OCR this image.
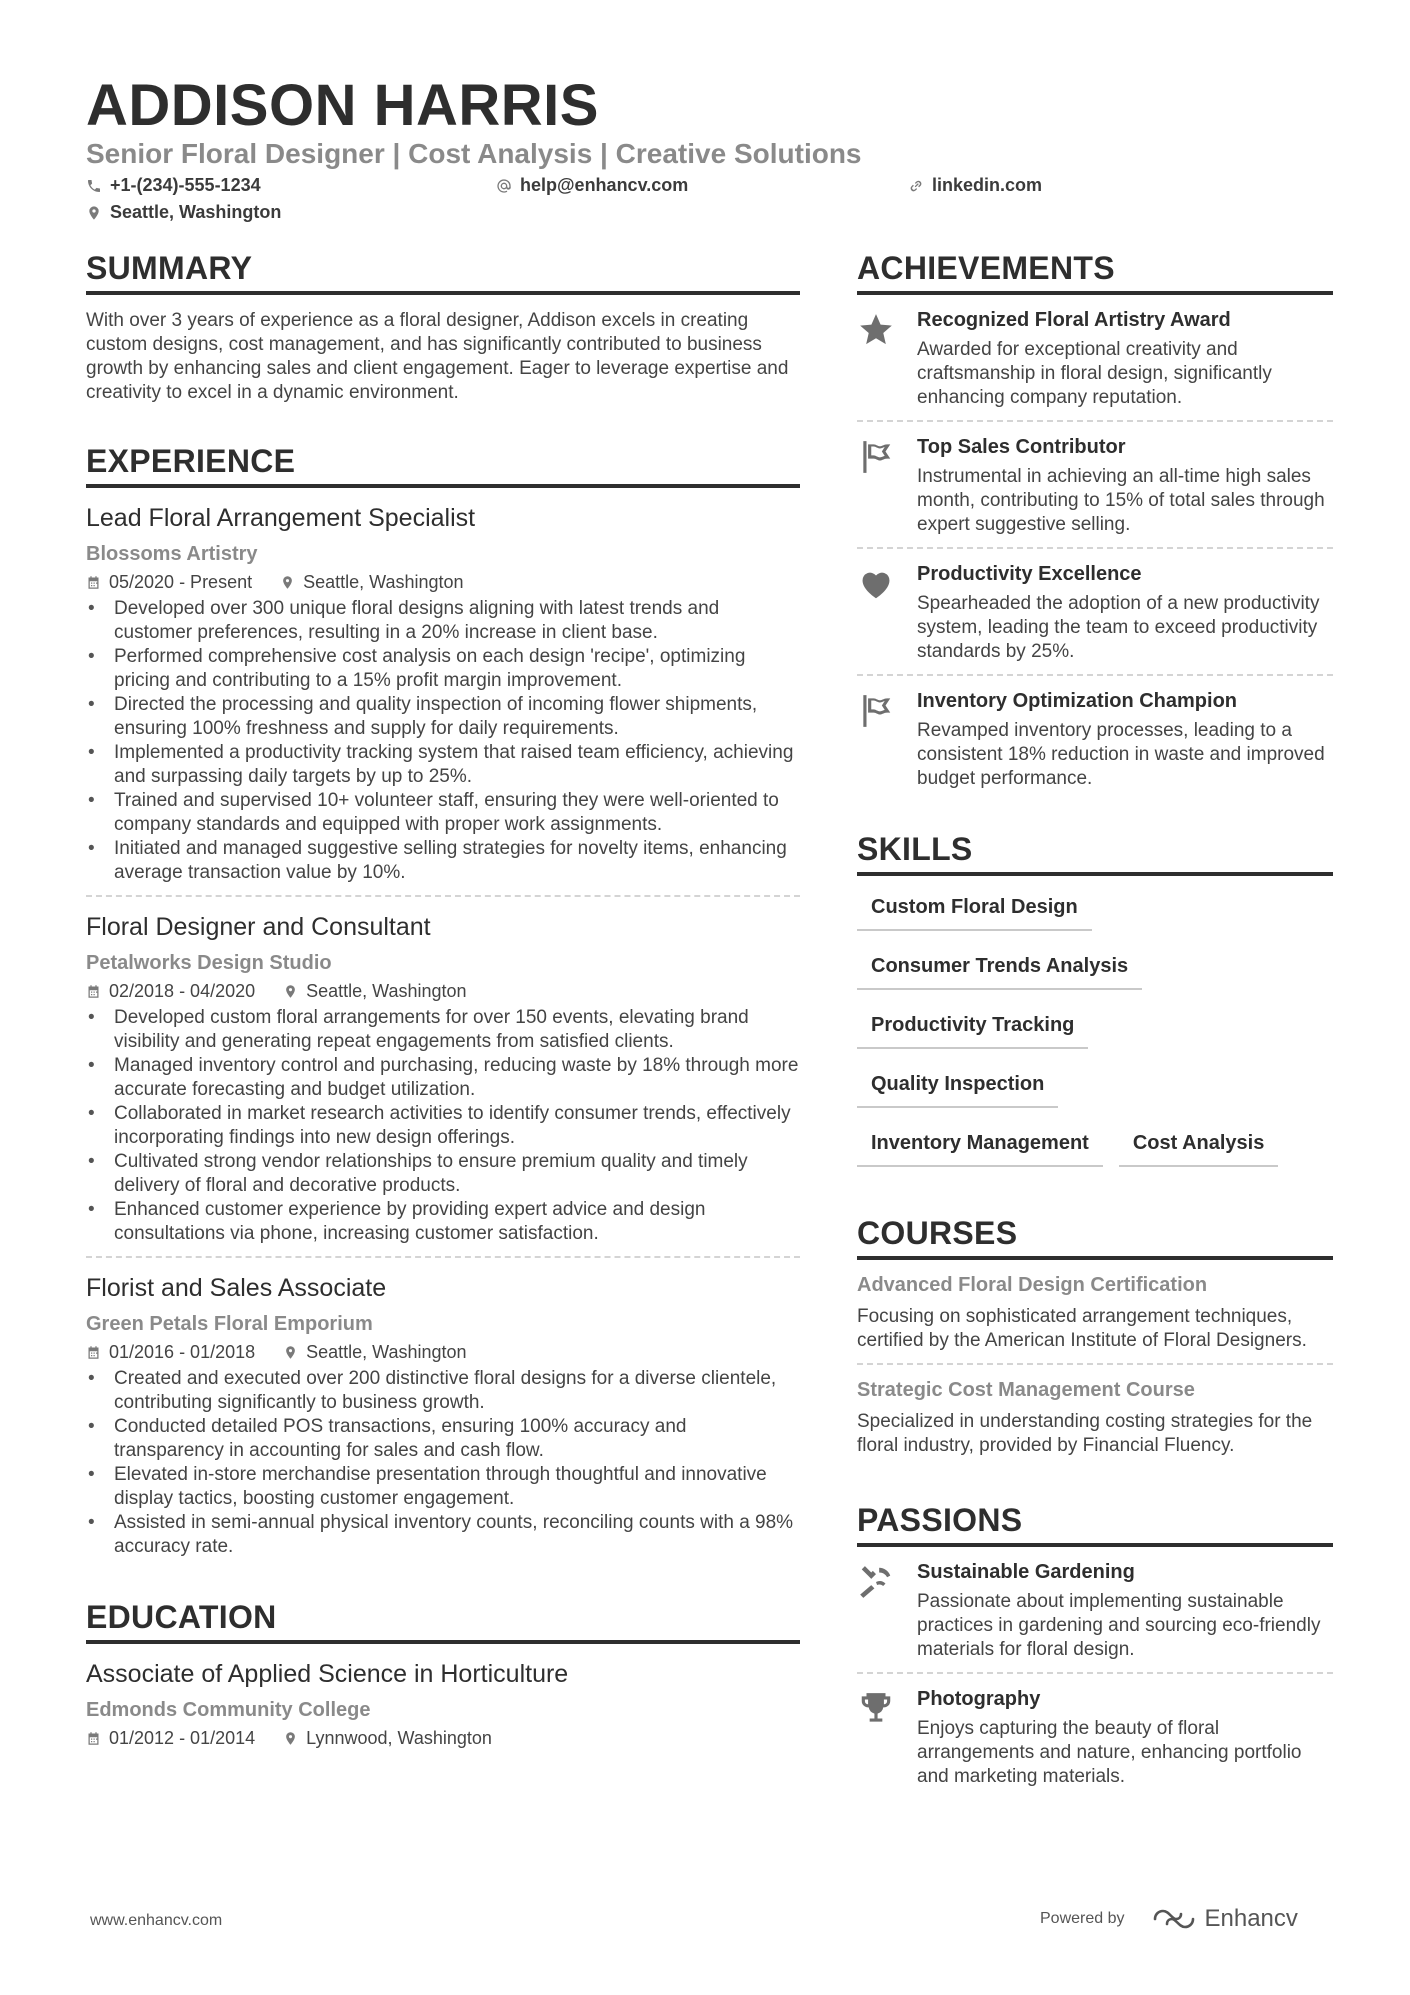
ADDISON HARRIS
Senior Floral Designer | Cost Analysis | Creative Solutions
+1-(234)-555-1234	help@enhancv.com	linkedin.com
Seattle, Washington
SUMMARY
With over 3 years of experience as a floral designer, Addison excels in creating custom designs, cost management, and has significantly contributed to business growth by enhancing sales and client engagement. Eager to leverage expertise and creativity to excel in a dynamic environment.
EXPERIENCE
Lead Floral Arrangement Specialist
Blossoms Artistry
05/2020 - Present	Seattle, Washington
• Developed over 300 unique floral designs aligning with latest trends and customer preferences, resulting in a 20% increase in client base.
• Performed comprehensive cost analysis on each design 'recipe', optimizing pricing and contributing to a 15% profit margin improvement.
• Directed the processing and quality inspection of incoming flower shipments, ensuring 100% freshness and supply for daily requirements.
• Implemented a productivity tracking system that raised team efficiency, achieving and surpassing daily targets by up to 25%.
• Trained and supervised 10+ volunteer staff, ensuring they were well-oriented to company standards and equipped with proper work assignments.
• Initiated and managed suggestive selling strategies for novelty items, enhancing average transaction value by 10%.
Floral Designer and Consultant
Petalworks Design Studio
02/2018 - 04/2020	Seattle, Washington
• Developed custom floral arrangements for over 150 events, elevating brand visibility and generating repeat engagements from satisfied clients.
• Managed inventory control and purchasing, reducing waste by 18% through more accurate forecasting and budget utilization.
• Collaborated in market research activities to identify consumer trends, effectively incorporating findings into new design offerings.
• Cultivated strong vendor relationships to ensure premium quality and timely delivery of floral and decorative products.
• Enhanced customer experience by providing expert advice and design consultations via phone, increasing customer satisfaction.
Florist and Sales Associate
Green Petals Floral Emporium
01/2016 - 01/2018	Seattle, Washington
• Created and executed over 200 distinctive floral designs for a diverse clientele, contributing significantly to business growth.
• Conducted detailed POS transactions, ensuring 100% accuracy and transparency in accounting for sales and cash flow.
• Elevated in-store merchandise presentation through thoughtful and innovative display tactics, boosting customer engagement.
• Assisted in semi-annual physical inventory counts, reconciling counts with a 98% accuracy rate.
EDUCATION
Associate of Applied Science in Horticulture
Edmonds Community College
01/2012 - 01/2014	Lynnwood, Washington
ACHIEVEMENTS
Recognized Floral Artistry Award
Awarded for exceptional creativity and craftsmanship in floral design, significantly enhancing company reputation.
Top Sales Contributor
Instrumental in achieving an all-time high sales month, contributing to 15% of total sales through expert suggestive selling.
Productivity Excellence
Spearheaded the adoption of a new productivity system, leading the team to exceed productivity standards by 25%.
Inventory Optimization Champion
Revamped inventory processes, leading to a consistent 18% reduction in waste and improved budget performance.
SKILLS
Custom Floral Design
Consumer Trends Analysis
Productivity Tracking
Quality Inspection
Inventory Management	Cost Analysis
COURSES
Advanced Floral Design Certification
Focusing on sophisticated arrangement techniques, certified by the American Institute of Floral Designers.
Strategic Cost Management Course
Specialized in understanding costing strategies for the floral industry, provided by Financial Fluency.
PASSIONS
Sustainable Gardening
Passionate about implementing sustainable practices in gardening and sourcing eco-friendly materials for floral design.
Photography
Enjoys capturing the beauty of floral arrangements and nature, enhancing portfolio and marketing materials.
www.enhancv.com	Powered by	Enhancv
